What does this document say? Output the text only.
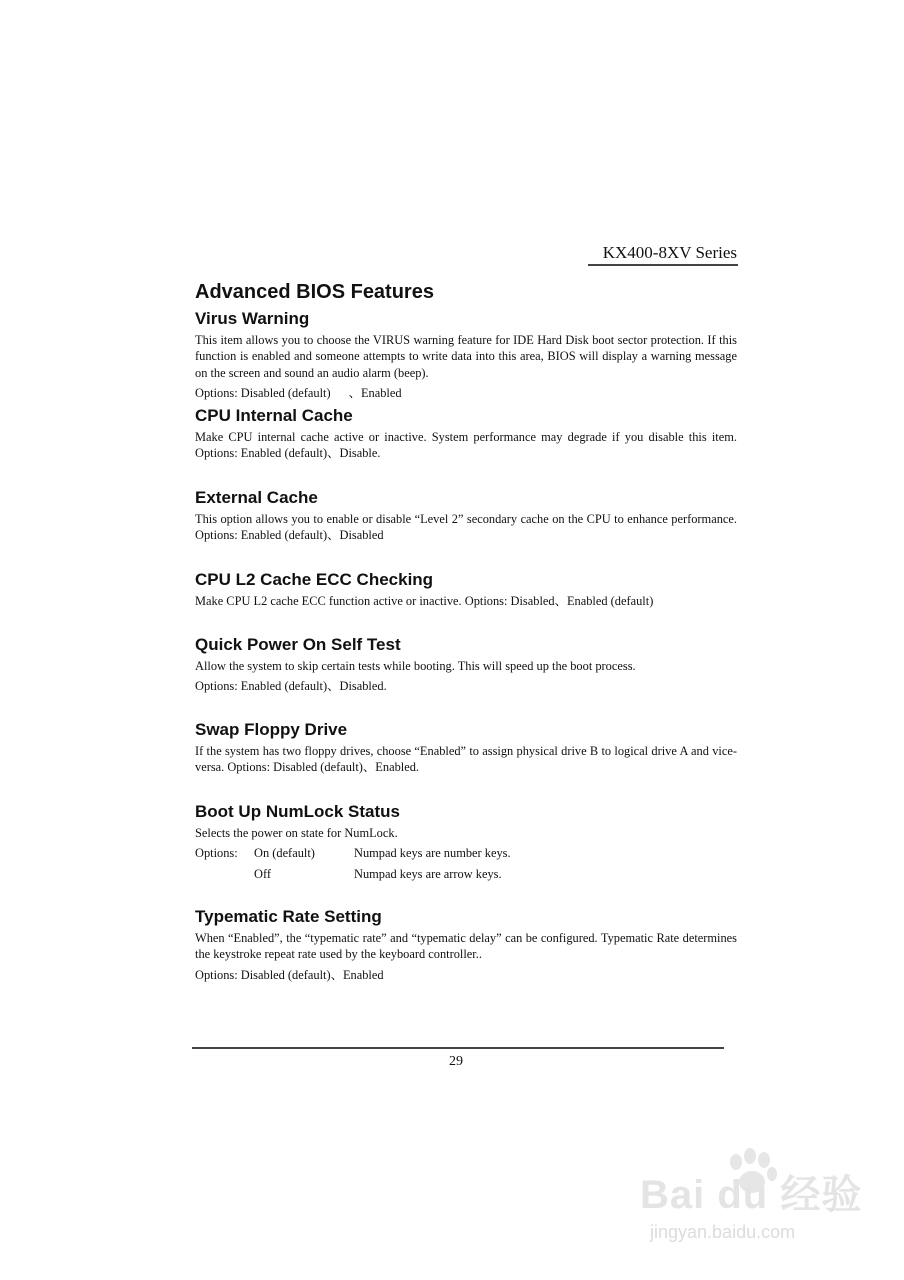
KX400-8XV Series
Advanced BIOS Features
Virus Warning
This item allows you to choose the VIRUS warning feature for IDE Hard Disk boot sector protection. If this function is enabled and someone attempts to write data into this area, BIOS will display a warning message on the screen and sound an audio alarm (beep).
Options: Disabled (default) 、Enabled
CPU Internal Cache
Make CPU internal cache active or inactive. System performance may degrade if you disable this item. Options: Enabled (default)、Disable.
External Cache
This option allows you to enable or disable “Level 2” secondary cache on the CPU to enhance performance. Options: Enabled (default)、Disabled
CPU L2 Cache ECC Checking
Make CPU L2 cache ECC function active or inactive. Options: Disabled、Enabled (default)
Quick Power On Self Test
Allow the system to skip certain tests while booting. This will speed up the boot process.
Options: Enabled (default)、Disabled.
Swap Floppy Drive
If the system has two floppy drives, choose “Enabled” to assign physical drive B to logical drive A and vice-versa. Options: Disabled (default)、Enabled.
Boot Up NumLock Status
Selects the power on state for NumLock.
Options:	On (default)	Numpad keys are number keys.
Off	Numpad keys are arrow keys.
Typematic Rate Setting
When “Enabled”, the “typematic rate” and “typematic delay” can be configured. Typematic Rate determines the keystroke repeat rate used by the keyboard controller..
Options: Disabled (default)、Enabled
29
Bai du 经验
jingyan.baidu.com
